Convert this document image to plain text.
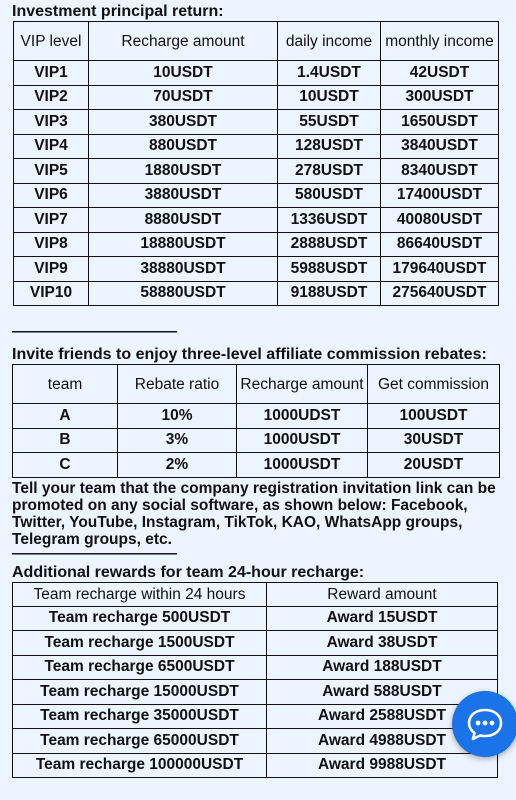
Investment principal return:
VIP level	Recharge amount	daily income	monthly income
VIP1	10USDT	1.4USDT	42USDT
VIP2	70USDT	10USDT	300USDT
VIP3	380USDT	55USDT	1650USDT
VIP4	880USDT	128USDT	3840USDT
VIP5	1880USDT	278USDT	8340USDT
VIP6	3880USDT	580USDT	17400USDT
VIP7	8880USDT	1336USDT	40080USDT
VIP8	18880USDT	2888USDT	86640USDT
VIP9	38880USDT	5988USDT	179640USDT
VIP10	58880USDT	9188USDT	275640USDT
———————————
Invite friends to enjoy three-level affiliate commission rebates:
team	Rebate ratio	Recharge amount	Get commission
A	10%	1000UDST	100USDT
B	3%	1000USDT	30USDT
C	2%	1000USDT	20USDT
Tell your team that the company registration invitation link can be promoted on any social software, as shown below: Facebook, Twitter, YouTube, Instagram, TikTok, KAO, WhatsApp groups, Telegram groups, etc.
———————————
Additional rewards for team 24-hour recharge:
Team recharge within 24 hours	Reward amount
Team recharge 500USDT	Award 15USDT
Team recharge 1500USDT	Award 38USDT
Team recharge 6500USDT	Award 188USDT
Team recharge 15000USDT	Award 588USDT
Team recharge 35000USDT	Award 2588USDT
Team recharge 65000USDT	Award 4988USDT
Team recharge 100000USDT	Award 9988USDT
